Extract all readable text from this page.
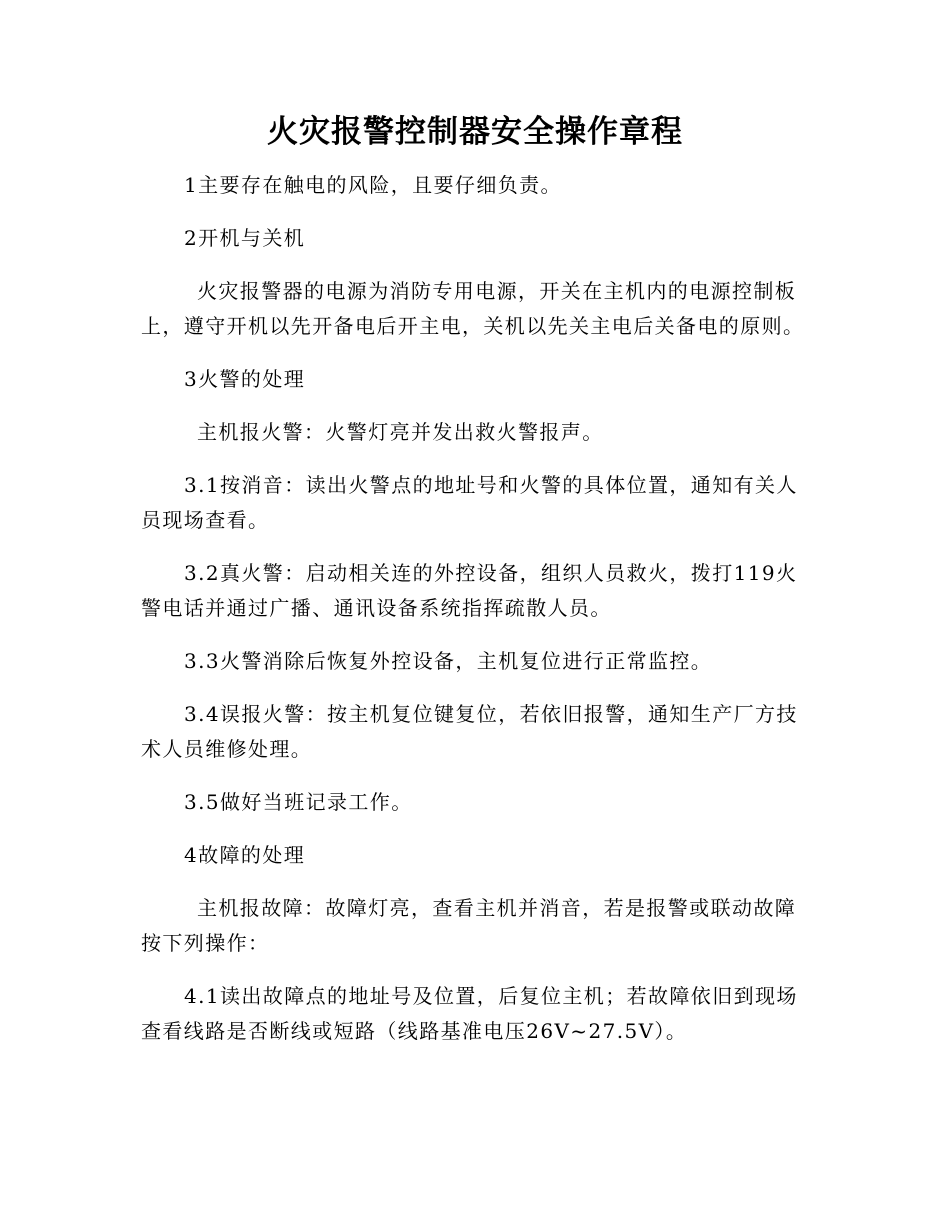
火灾报警控制器安全操作章程

1主要存在触电的风险，且要仔细负责。

2开机与关机

火灾报警器的电源为消防专用电源，开关在主机内的电源控制板上，遵守开机以先开备电后开主电，关机以先关主电后关备电的原则。

3火警的处理

主机报火警：火警灯亮并发出救火警报声。

3.1按消音：读出火警点的地址号和火警的具体位置，通知有关人员现场查看。

3.2真火警：启动相关连的外控设备，组织人员救火，拨打119火警电话并通过广播、通讯设备系统指挥疏散人员。

3.3火警消除后恢复外控设备，主机复位进行正常监控。

3.4误报火警：按主机复位键复位，若依旧报警，通知生产厂方技术人员维修处理。

3.5做好当班记录工作。

4故障的处理

主机报故障：故障灯亮，查看主机并消音，若是报警或联动故障按下列操作：

4.1读出故障点的地址号及位置，后复位主机；若故障依旧到现场查看线路是否断线或短路（线路基准电压26V~27.5V）。
